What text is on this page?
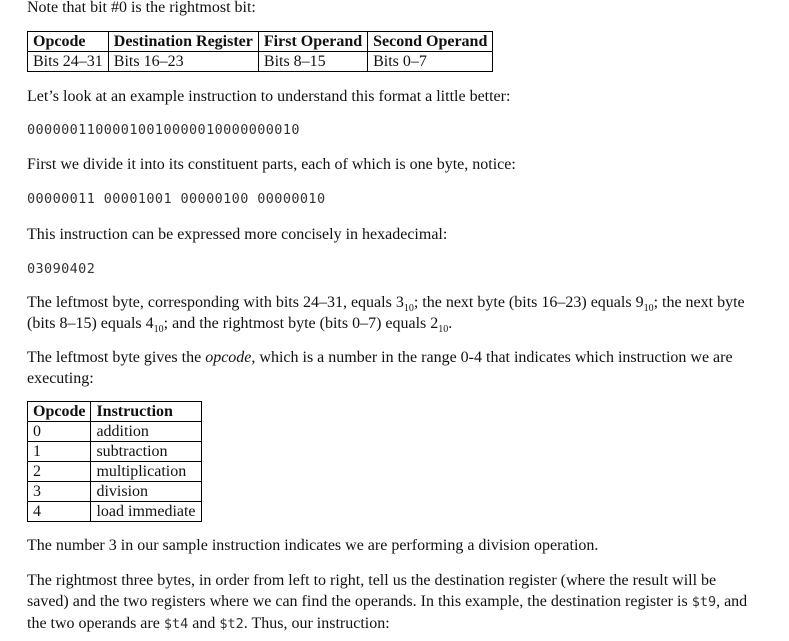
Note that bit #0 is the rightmost bit:

Opcode	Destination Register	First Operand	Second Operand
Bits 24–31	Bits 16–23	Bits 8–15	Bits 0–7

Let’s look at an example instruction to understand this format a little better:

00000011000010010000010000000010

First we divide it into its constituent parts, each of which is one byte, notice:

00000011 00001001 00000100 00000010

This instruction can be expressed more concisely in hexadecimal:

03090402

The leftmost byte, corresponding with bits 24–31, equals $3_{10}$; the next byte (bits 16–23) equals $9_{10}$; the next byte (bits 8–15) equals $4_{10}$; and the rightmost byte (bits 0–7) equals $2_{10}$.

The leftmost byte gives the opcode, which is a number in the range 0-4 that indicates which instruction we are executing:

Opcode	Instruction
0	addition
1	subtraction
2	multiplication
3	division
4	load immediate

The number 3 in our sample instruction indicates we are performing a division operation.

The rightmost three bytes, in order from left to right, tell us the destination register (where the result will be saved) and the two registers where we can find the operands. In this example, the destination register is $t9, and the two operands are $t4 and $t2. Thus, our instruction:
